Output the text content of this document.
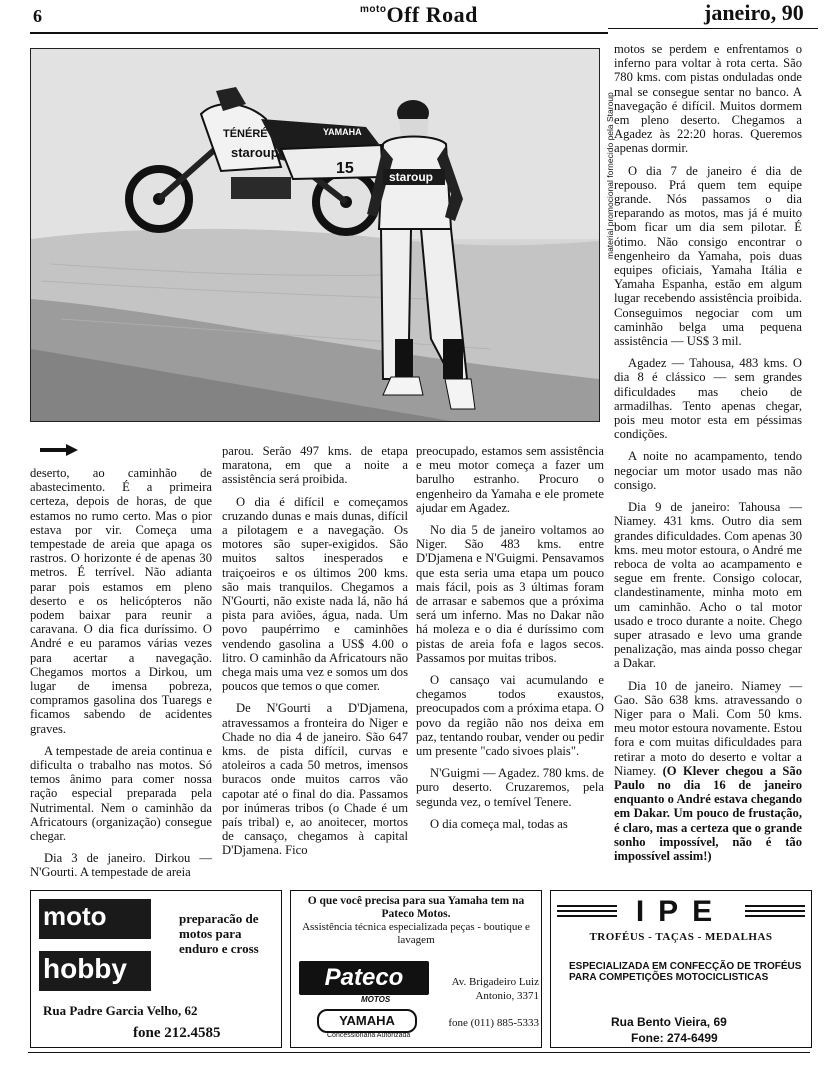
6	$^{moto}$Off Road	janeiro, 90
TÉNÉRÉ
staroup
YAMAHA
15	staroup	material promocional fornecido pela Staroup

deserto, ao caminhão de abastecimento. É a primeira certeza, depois de horas, de que estamos no rumo certo. Mas o pior estava por vir. Começa uma tempestade de areia que apaga os rastros. O horizonte é de apenas 30 metros. É terrível. Não adianta parar pois estamos em pleno deserto e os helicópteros não podem baixar para reunir a caravana. O dia fica duríssimo. O André e eu paramos várias vezes para acertar a navegação. Chegamos mortos a Dirkou, um lugar de imensa pobreza, compramos gasolina dos Tuaregs e ficamos sabendo de acidentes graves.

A tempestade de areia continua e dificulta o trabalho nas motos. Só temos ânimo para comer nossa ração especial preparada pela Nutrimental. Nem o caminhão da Africatours (organização) consegue chegar.

Dia 3 de janeiro. Dirkou — N'Gourti. A tempestade de areia

parou. Serão 497 kms. de etapa maratona, em que a noite a assistência será proibida.

O dia é difícil e começamos cruzando dunas e mais dunas, difícil a pilotagem e a navegação. Os motores são super-exigidos. São muitos saltos inesperados e traiçoeiros e os últimos 200 kms. são mais tranquilos. Chegamos a N'Gourti, não existe nada lá, não há pista para aviões, água, nada. Um povo paupérrimo e caminhões vendendo gasolina a US$ 4.00 o litro. O caminhão da Africatours não chega mais uma vez e somos um dos poucos que temos o que comer.

De N'Gourti a D'Djamena, atravessamos a fronteira do Niger e Chade no dia 4 de janeiro. São 647 kms. de pista difícil, curvas e atoleiros a cada 50 metros, imensos buracos onde muitos carros vão capotar até o final do dia. Passamos por inúmeras tribos (o Chade é um país tribal) e, ao anoitecer, mortos de cansaço, chegamos à capital D'Djamena. Fico

preocupado, estamos sem assistência e meu motor começa a fazer um barulho estranho. Procuro o engenheiro da Yamaha e ele promete ajudar em Agadez.

No dia 5 de janeiro voltamos ao Niger. São 483 kms. entre D'Djamena e N'Guigmi. Pensavamos que esta seria uma etapa um pouco mais fácil, pois as 3 últimas foram de arrasar e sabemos que a próxima será um inferno. Mas no Dakar não há moleza e o dia é duríssimo com pistas de areia fofa e lagos secos. Passamos por muitas tribos.

O cansaço vai acumulando e chegamos todos exaustos, preocupados com a próxima etapa. O povo da região não nos deixa em paz, tentando roubar, vender ou pedir um presente "cado sivoes plais".

N'Guigmi — Agadez. 780 kms. de puro deserto. Cruzaremos, pela segunda vez, o temível Tenere.

O dia começa mal, todas as

motos se perdem e enfrentamos o inferno para voltar à rota certa. São 780 kms. com pistas onduladas onde mal se consegue sentar no banco. A navegação é difícil. Muitos dormem em pleno deserto. Chegamos a Agadez às 22:20 horas. Queremos apenas dormir.

O dia 7 de janeiro é dia de repouso. Prá quem tem equipe grande. Nós passamos o dia reparando as motos, mas já é muito bom ficar um dia sem pilotar. É ótimo. Não consigo encontrar o engenheiro da Yamaha, pois duas equipes oficiais, Yamaha Itália e Yamaha Espanha, estão em algum lugar recebendo assistência proibida. Conseguimos negociar com um caminhão belga uma pequena assistência — US$ 3 mil.

Agadez — Tahousa, 483 kms. O dia 8 é clássico — sem grandes dificuldades mas cheio de armadilhas. Tento apenas chegar, pois meu motor esta em péssimas condições.

A noite no acampamento, tendo negociar um motor usado mas não consigo.

Dia 9 de janeiro: Tahousa — Niamey. 431 kms. Outro dia sem grandes dificuldades. Com apenas 30 kms. meu motor estoura, o André me reboca de volta ao acampamento e segue em frente. Consigo colocar, clandestinamente, minha moto em um caminhão. Acho o tal motor usado e troco durante a noite. Chego super atrasado e levo uma grande penalização, mas ainda posso chegar a Dakar.

Dia 10 de janeiro. Niamey — Gao. São 638 kms. atravessando o Niger para o Mali. Com 50 kms. meu motor estoura novamente. Estou fora e com muitas dificuldades para retirar a moto do deserto e voltar a Niamey. (O Klever chegou a São Paulo no dia 16 de janeiro enquanto o André estava chegando em Dakar. Um pouco de frustação, é claro, mas a certeza que o grande sonho impossível, não é tão impossível assim!)

moto
hobby
preparacão de motos para enduro e cross
Rua Padre Garcia Velho, 62
fone 212.4585
O que você precisa para sua Yamaha tem na Pateco Motos.
Assistência técnica especializada peças - boutique e lavagem
Pateco
MOTOS
YAMAHA
Concessionária Autorizada
Av. Brigadeiro Luiz Antonio, 3371
fone (011) 885-5333
IPE
TROFÉUS - TAÇAS - MEDALHAS
ESPECIALIZADA EM CONFECÇÃO DE TROFÉUS PARA COMPETIÇÕES MOTOCICLISTICAS
Rua Bento Vieira, 69
Fone: 274-6499
